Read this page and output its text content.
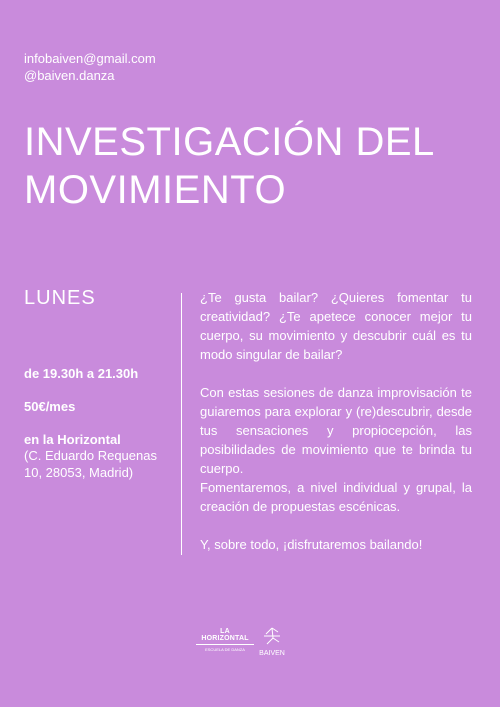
infobaiven@gmail.com
@baiven.danza
INVESTIGACIÓN DEL
MOVIMIENTO
LUNES
de 19.30h a 21.30h
50€/mes
en la Horizontal
(C. Eduardo Requenas
10, 28053, Madrid)

¿Te gusta bailar? ¿Quieres fomentar tu creatividad? ¿Te apetece conocer mejor tu cuerpo, su movimiento y descubrir cuál es tu modo singular de bailar?

Con estas sesiones de danza improvisación te guiaremos para explorar y (re)descubrir, desde tus sensaciones y propiocepción, las posibilidades de movimiento que te brinda tu cuerpo.

Fomentaremos, a nivel individual y grupal, la creación de propuestas escénicas.

Y, sobre todo, ¡disfrutaremos bailando!

LA HORIZONTAL
ESCUELA DE DANZA
BAIVEN
